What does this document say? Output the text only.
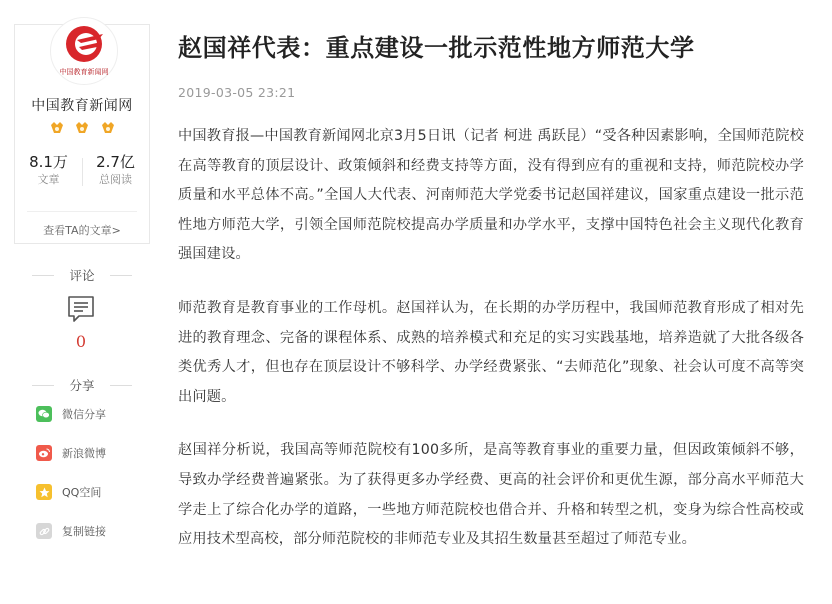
中国教育新闻网
中国教育新闻网

8.1万
文章
2.7亿
总阅读
查看TA的文章>
评论
0
分享
微信分享
新浪微博
QQ空间
复制链接
赵国祥代表：重点建设一批示范性地方师范大学
2019-03-05 23:21

中国教育报—中国教育新闻网北京3月5日讯（记者 柯进 禹跃昆）“受各种因素影响，全国师范院校在高等教育的顶层设计、政策倾斜和经费支持等方面，没有得到应有的重视和支持，师范院校办学质量和水平总体不高。”全国人大代表、河南师范大学党委书记赵国祥建议，国家重点建设一批示范性地方师范大学，引领全国师范院校提高办学质量和办学水平，支撑中国特色社会主义现代化教育强国建设。

师范教育是教育事业的工作母机。赵国祥认为，在长期的办学历程中，我国师范教育形成了相对先进的教育理念、完备的课程体系、成熟的培养模式和充足的实习实践基地，培养造就了大批各级各类优秀人才，但也存在顶层设计不够科学、办学经费紧张、“去师范化”现象、社会认可度不高等突出问题。

赵国祥分析说，我国高等师范院校有100多所，是高等教育事业的重要力量，但因政策倾斜不够，导致办学经费普遍紧张。为了获得更多办学经费、更高的社会评价和更优生源，部分高水平师范大学走上了综合化办学的道路，一些地方师范院校也借合并、升格和转型之机，变身为综合性高校或应用技术型高校，部分师范院校的非师范专业及其招生数量甚至超过了师范专业。
